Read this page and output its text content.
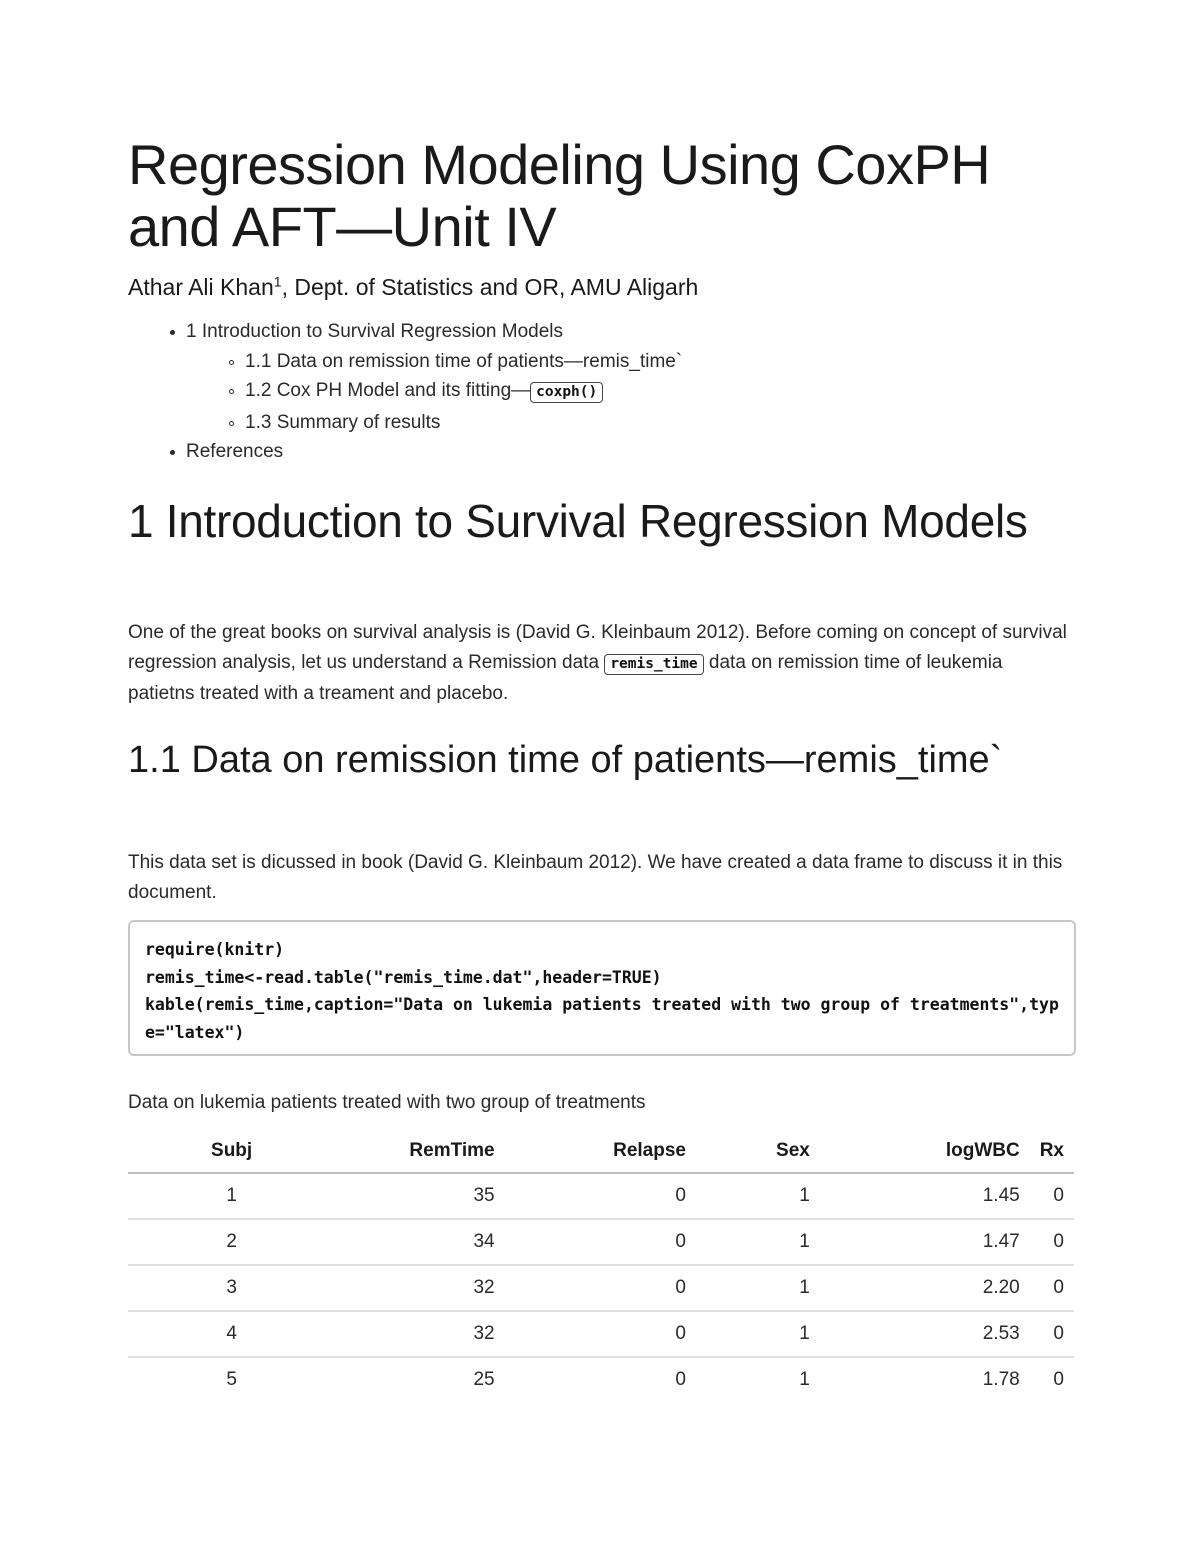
Regression Modeling Using CoxPH and AFT—Unit IV
Athar Ali Khan$^1$, Dept. of Statistics and OR, AMU Aligarh
1 Introduction to Survival Regression Models
1.1 Data on remission time of patients—remis_time`
1.2 Cox PH Model and its fitting— coxph()
1.3 Summary of results
References
1 Introduction to Survival Regression Models

One of the great books on survival analysis is (David G. Kleinbaum 2012). Before coming on concept of survival regression analysis, let us understand a Remission data remis_time data on remission time of leukemia patietns treated with a treament and placebo.

1.1 Data on remission time of patients—remis_time`

This data set is dicussed in book (David G. Kleinbaum 2012). We have created a data frame to discuss it in this document.

require(knitr)
remis_time<-read.table("remis_time.dat",header=TRUE)
kable(remis_time,caption="Data on lukemia patients treated with two group of treatments",type="latex")

Data on lukemia patients treated with two group of treatments

Subj	RemTime	Relapse	Sex	logWBC	Rx
1	35	0	1	1.45	0
2	34	0	1	1.47	0
3	32	0	1	2.20	0
4	32	0	1	2.53	0
5	25	0	1	1.78	0
